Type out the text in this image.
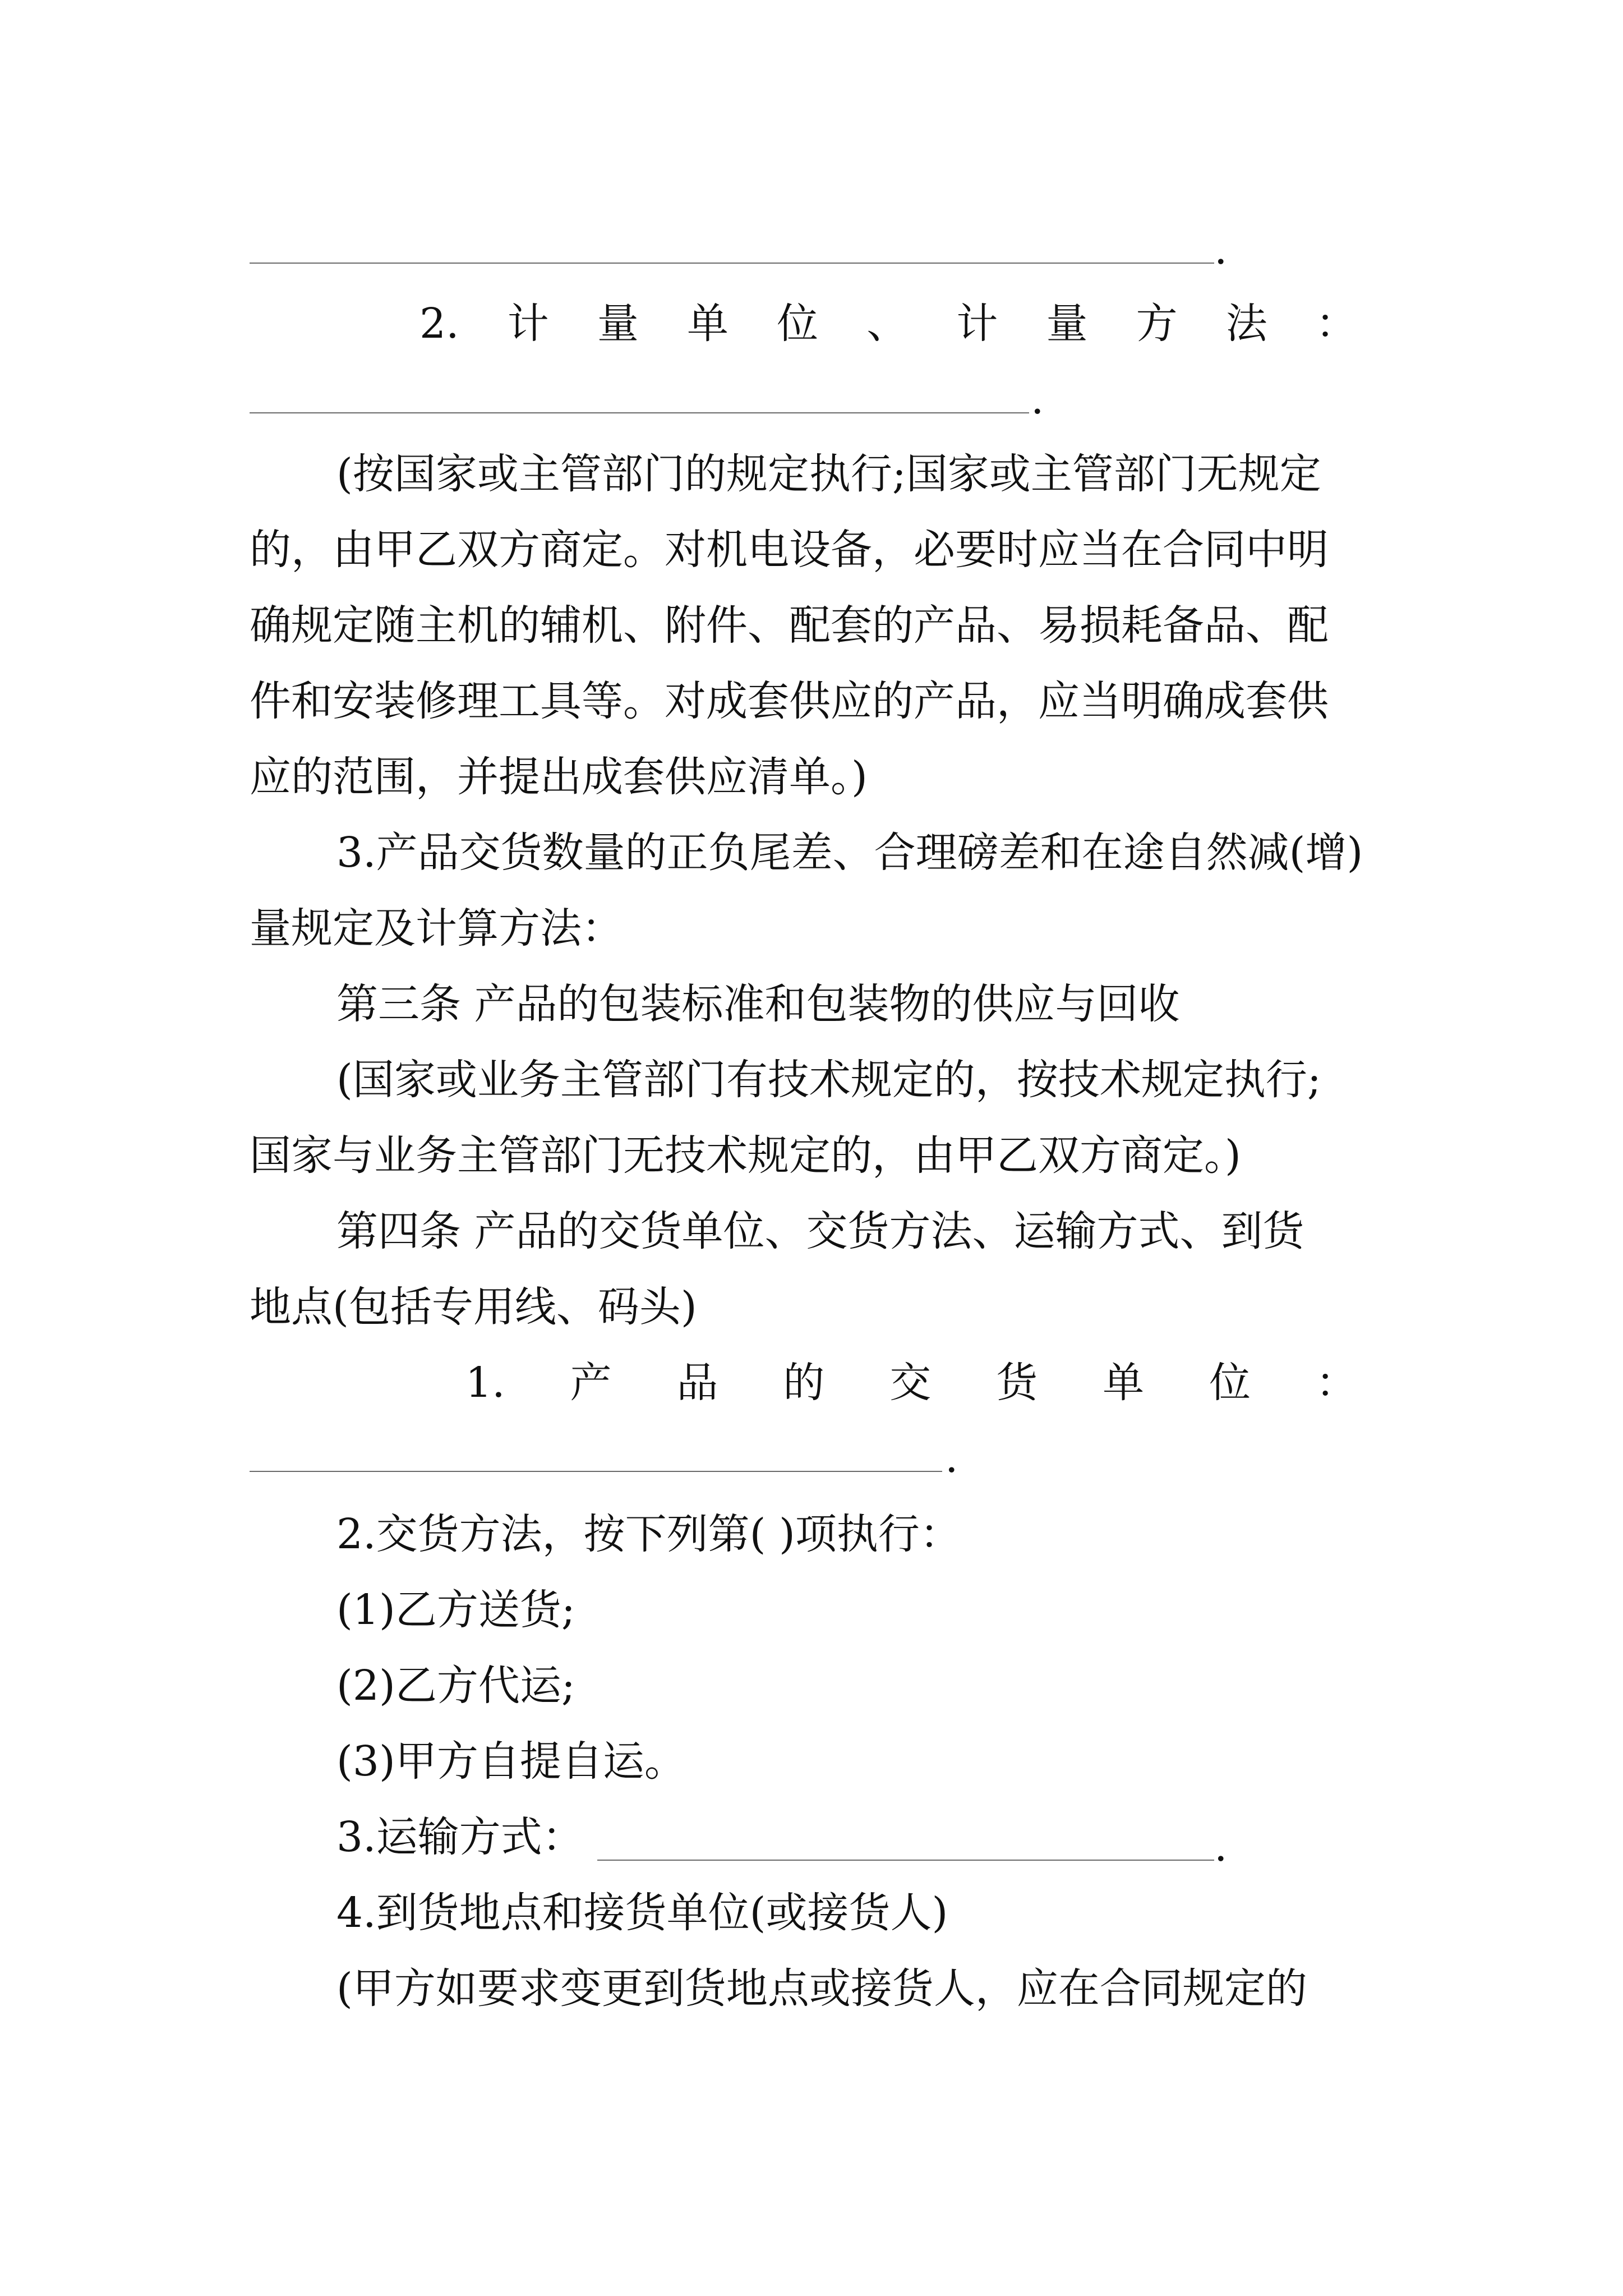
.
2. 计 量 单 位 、 计 量 方 法 ：
.
(按国家或主管部门的规定执行;国家或主管部门无规定
的，由甲乙双方商定。对机电设备，必要时应当在合同中明
确规定随主机的辅机、附件、配套的产品、易损耗备品、配
件和安装修理工具等。对成套供应的产品，应当明确成套供
应的范围，并提出成套供应清单。)
3.产品交货数量的正负尾差、合理磅差和在途自然减(增)
量规定及计算方法：
第三条 产品的包装标准和包装物的供应与回收
(国家或业务主管部门有技术规定的，按技术规定执行;
国家与业务主管部门无技术规定的，由甲乙双方商定。)
第四条 产品的交货单位、交货方法、运输方式、到货
地点(包括专用线、码头)
1. 产 品 的 交 货 单 位 ：
.
2.交货方法，按下列第( )项执行：
(1)乙方送货;
(2)乙方代运;
(3)甲方自提自运。
3.运输方式：	.
4.到货地点和接货单位(或接货人)
(甲方如要求变更到货地点或接货人，应在合同规定的
